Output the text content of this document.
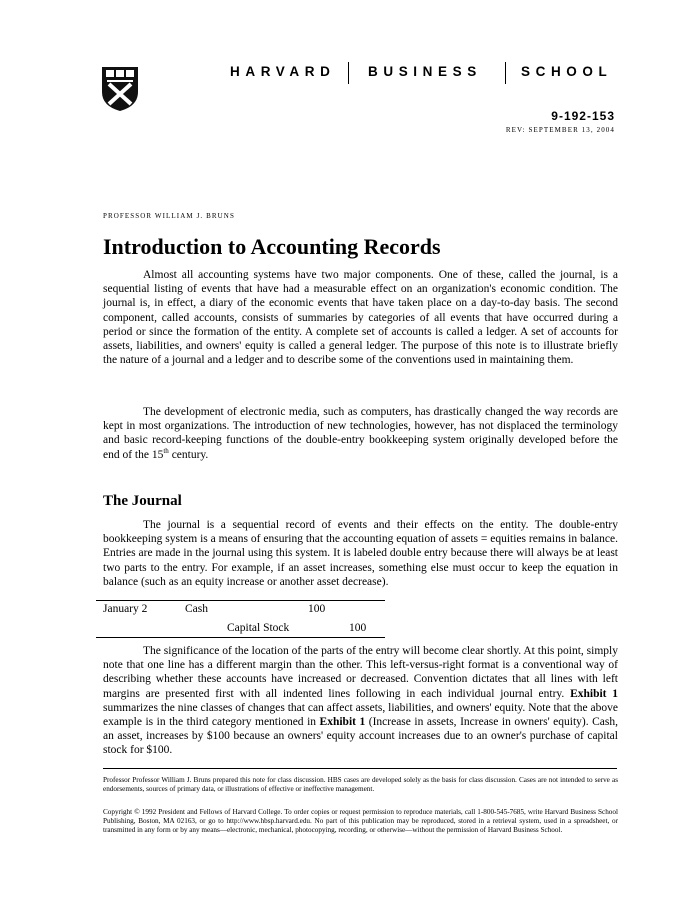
HARVARD BUSINESS	SCHOOL
9-192-153
REV: SEPTEMBER 13, 2004
PROFESSOR WILLIAM J. BRUNS
Introduction to Accounting Records

Almost all accounting systems have two major components. One of these, called the journal, is a sequential listing of events that have had a measurable effect on an organization's economic condition. The journal is, in effect, a diary of the economic events that have taken place on a day-to-day basis. The second component, called accounts, consists of summaries by categories of all events that have occurred during a period or since the formation of the entity. A complete set of accounts is called a ledger. A set of accounts for assets, liabilities, and owners' equity is called a general ledger. The purpose of this note is to illustrate briefly the nature of a journal and a ledger and to describe some of the conventions used in maintaining them.

The development of electronic media, such as computers, has drastically changed the way records are kept in most organizations. The introduction of new technologies, however, has not displaced the terminology and basic record-keeping functions of the double-entry bookkeeping system originally developed before the end of the 15th century.

The Journal

The journal is a sequential record of events and their effects on the entity. The double-entry bookkeeping system is a means of ensuring that the accounting equation of assets = equities remains in balance. Entries are made in the journal using this system. It is labeled double entry because there will always be at least two parts to the entry. For example, if an asset increases, something else must occur to keep the equation in balance (such as an equity increase or another asset decrease).

January 2	Cash	100
Capital Stock	100

The significance of the location of the parts of the entry will become clear shortly. At this point, simply note that one line has a different margin than the other. This left-versus-right format is a conventional way of describing whether these accounts have increased or decreased. Convention dictates that all lines with left margins are presented first with all indented lines following in each individual journal entry. Exhibit 1 summarizes the nine classes of changes that can affect assets, liabilities, and owners' equity. Note that the above example is in the third category mentioned in Exhibit 1 (Increase in assets, Increase in owners' equity). Cash, an asset, increases by $100 because an owners' equity account increases due to an owner's purchase of capital stock for $100.

Professor Professor William J. Bruns prepared this note for class discussion. HBS cases are developed solely as the basis for class discussion. Cases are not intended to serve as endorsements, sources of primary data, or illustrations of effective or ineffective management.

Copyright © 1992 President and Fellows of Harvard College. To order copies or request permission to reproduce materials, call 1-800-545-7685, write Harvard Business School Publishing, Boston, MA 02163, or go to http://www.hbsp.harvard.edu. No part of this publication may be reproduced, stored in a retrieval system, used in a spreadsheet, or transmitted in any form or by any means—electronic, mechanical, photocopying, recording, or otherwise—without the permission of Harvard Business School.
